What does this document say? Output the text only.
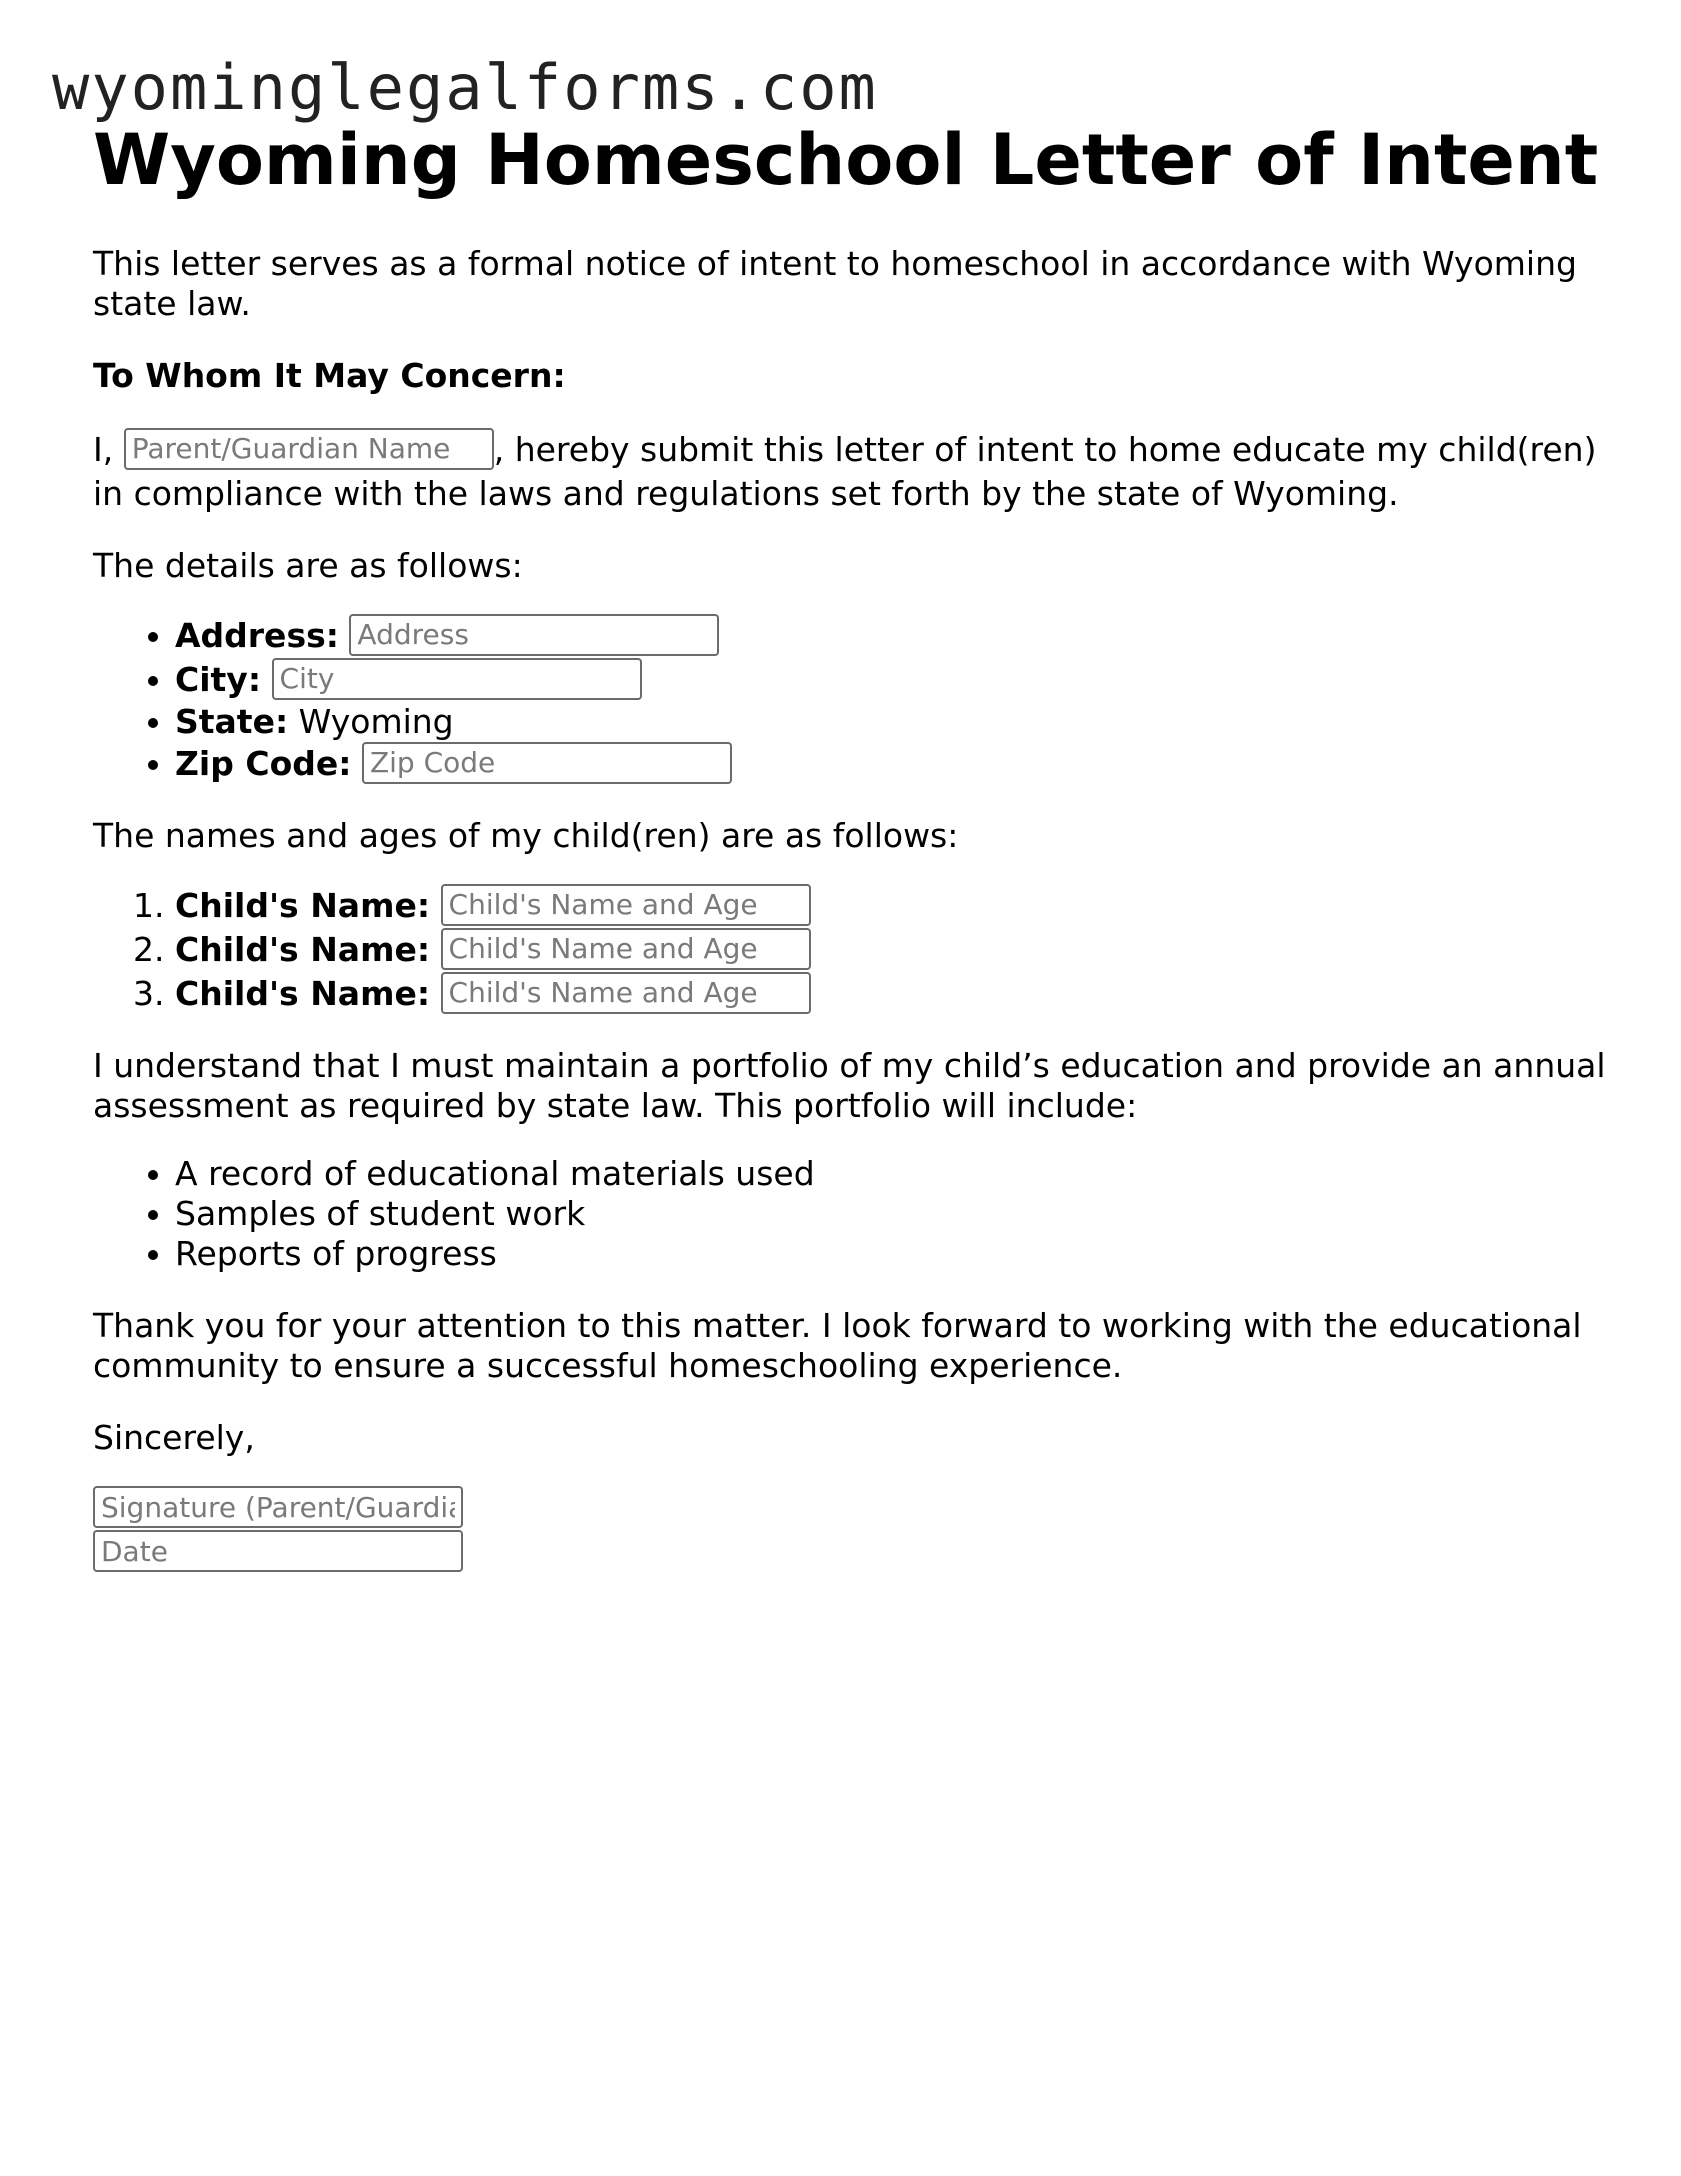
wyominglegalforms.com
Wyoming Homeschool Letter of Intent

This letter serves as a formal notice of intent to homeschool in accordance with Wyoming state law.

To Whom It May Concern:

I, Parent/Guardian Name	, hereby submit this letter of intent to home educate my child(ren) in compliance with the laws and regulations set forth by the state of Wyoming.

The details are as follows:

• Address: Address
• City: City
• State: Wyoming
• Zip Code: Zip Code

The names and ages of my child(ren) are as follows:

1. Child's Name: Child's Name and Age
2. Child's Name: Child's Name and Age
3. Child's Name: Child's Name and Age

I understand that I must maintain a portfolio of my child’s education and provide an annual assessment as required by state law. This portfolio will include:

• A record of educational materials used
• Samples of student work
• Reports of progress

Thank you for your attention to this matter. I look forward to working with the educational community to ensure a successful homeschooling experience.

Sincerely,

Signature (Parent/Guardian)
Date
